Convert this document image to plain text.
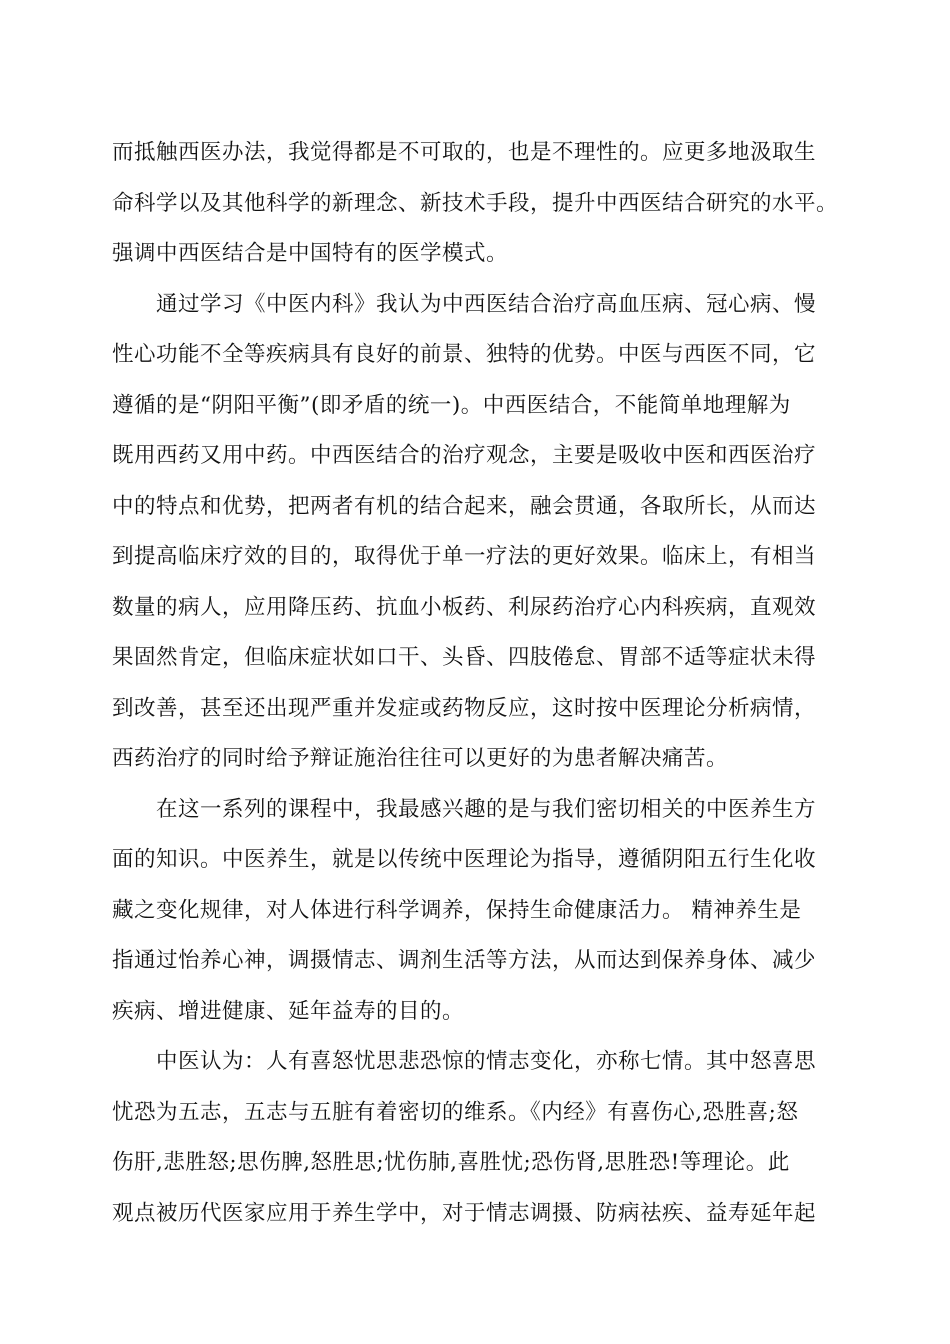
而抵触西医办法，我觉得都是不可取的，也是不理性的。应更多地汲取生
命科学以及其他科学的新理念、新技术手段，提升中西医结合研究的水平。
强调中西医结合是中国特有的医学模式。
　　通过学习《中医内科》我认为中西医结合治疗高血压病、冠心病、慢
性心功能不全等疾病具有良好的前景、独特的优势。中医与西医不同，它
遵循的是“阴阳平衡”(即矛盾的统一)。中西医结合，不能简单地理解为
既用西药又用中药。中西医结合的治疗观念，主要是吸收中医和西医治疗
中的特点和优势，把两者有机的结合起来，融会贯通，各取所长，从而达
到提高临床疗效的目的，取得优于单一疗法的更好效果。临床上，有相当
数量的病人，应用降压药、抗血小板药、利尿药治疗心内科疾病，直观效
果固然肯定，但临床症状如口干、头昏、四肢倦怠、胃部不适等症状未得
到改善，甚至还出现严重并发症或药物反应，这时按中医理论分析病情，
西药治疗的同时给予辩证施治往往可以更好的为患者解决痛苦。
　　在这一系列的课程中，我最感兴趣的是与我们密切相关的中医养生方
面的知识。中医养生，就是以传统中医理论为指导，遵循阴阳五行生化收
藏之变化规律，对人体进行科学调养，保持生命健康活力。 精神养生是
指通过怡养心神，调摄情志、调剂生活等方法，从而达到保养身体、减少
疾病、增进健康、延年益寿的目的。
　　中医认为：人有喜怒忧思悲恐惊的情志变化，亦称七情。其中怒喜思
忧恐为五志，五志与五脏有着密切的维系。《内经》有喜伤心,恐胜喜;怒
伤肝,悲胜怒;思伤脾,怒胜思;忧伤肺,喜胜忧;恐伤肾,思胜恐!等理论。此
观点被历代医家应用于养生学中，对于情志调摄、防病祛疾、益寿延年起
